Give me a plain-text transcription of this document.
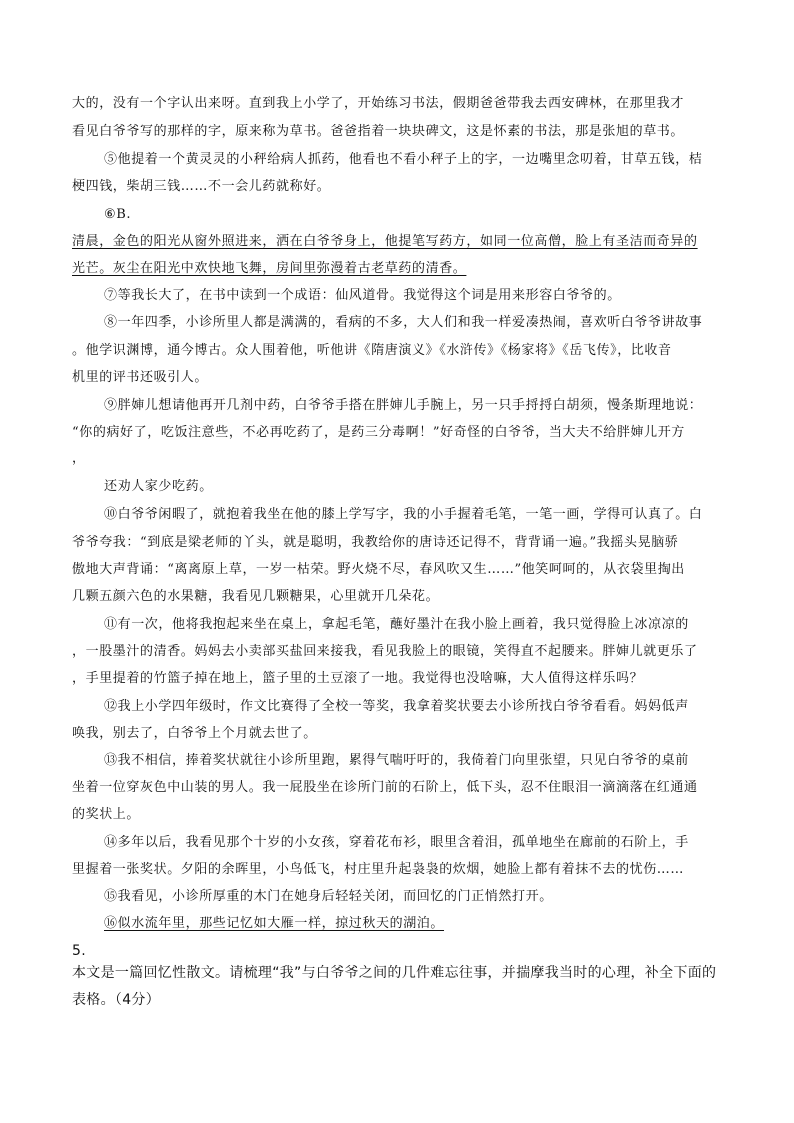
大的，没有一个字认出来呀。直到我上小学了，开始练习书法，假期爸爸带我去西安碑林，在那里我才
看见白爷爷写的那样的字，原来称为草书。爸爸指着一块块碑文，这是怀素的书法，那是张旭的草书。
⑤他提着一个黄灵灵的小秤给病人抓药，他看也不看小秤子上的字，一边嘴里念叨着，甘草五钱，桔
梗四钱，柴胡三钱……不一会儿药就称好。
⑥B.
清晨，金色的阳光从窗外照进来，洒在白爷爷身上，他提笔写药方，如同一位高僧，脸上有圣洁而奇异的
光芒。灰尘在阳光中欢快地飞舞，房间里弥漫着古老草药的清香。
⑦等我长大了，在书中读到一个成语：仙风道骨。我觉得这个词是用来形容白爷爷的。
⑧一年四季，小诊所里人都是满满的，看病的不多，大人们和我一样爱凑热闹，喜欢听白爷爷讲故事
。他学识渊博，通今博古。众人围着他，听他讲《隋唐演义》《水浒传》《杨家将》《岳飞传》，比收音
机里的评书还吸引人。
⑨胖婶儿想请他再开几剂中药，白爷爷手搭在胖婶儿手腕上，另一只手捋捋白胡须，慢条斯理地说：
“你的病好了，吃饭注意些，不必再吃药了，是药三分毒啊！”好奇怪的白爷爷，当大夫不给胖婶儿开方
，
还劝人家少吃药。
⑩白爷爷闲暇了，就抱着我坐在他的膝上学写字，我的小手握着毛笔，一笔一画，学得可认真了。白
爷爷夸我：“到底是梁老师的丫头，就是聪明，我教给你的唐诗还记得不，背背诵一遍。”我摇头晃脑骄
傲地大声背诵：“离离原上草，一岁一枯荣。野火烧不尽，春风吹又生……”他笑呵呵的，从衣袋里掏出
几颗五颜六色的水果糖，我看见几颗糖果，心里就开几朵花。
⑪有一次，他将我抱起来坐在桌上，拿起毛笔，蘸好墨汁在我小脸上画着，我只觉得脸上冰凉凉的
，一股墨汁的清香。妈妈去小卖部买盐回来接我，看见我脸上的眼镜，笑得直不起腰来。胖婶儿就更乐了
，手里提着的竹篮子掉在地上，篮子里的土豆滚了一地。我觉得也没啥嘛，大人值得这样乐吗？
⑫我上小学四年级时，作文比赛得了全校一等奖，我拿着奖状要去小诊所找白爷爷看看。妈妈低声
唤我，别去了，白爷爷上个月就去世了。
⑬我不相信，捧着奖状就往小诊所里跑，累得气喘吁吁的，我倚着门向里张望，只见白爷爷的桌前
坐着一位穿灰色中山装的男人。我一屁股坐在诊所门前的石阶上，低下头，忍不住眼泪一滴滴落在红通通
的奖状上。
⑭多年以后，我看见那个十岁的小女孩，穿着花布衫，眼里含着泪，孤单地坐在廊前的石阶上，手
里握着一张奖状。夕阳的余晖里，小鸟低飞，村庄里升起袅袅的炊烟，她脸上都有着抹不去的忧伤……
⑮我看见，小诊所厚重的木门在她身后轻轻关闭，而回忆的门正悄然打开。
⑯似水流年里，那些记忆如大雁一样，掠过秋天的湖泊。
5.
本文是一篇回忆性散文。请梳理“我”与白爷爷之间的几件难忘往事，并揣摩我当时的心理，补全下面的
表格。（4分）
